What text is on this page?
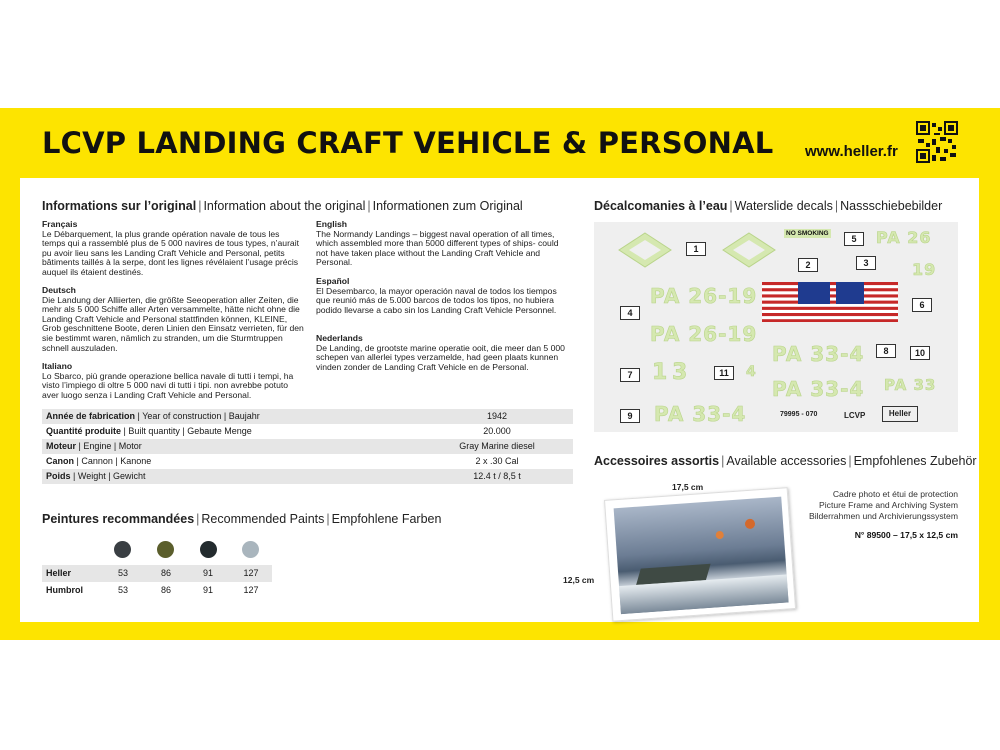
LCVP LANDING CRAFT VEHICLE & PERSONAL www.heller.fr
Informations sur l’original | Information about the original | Informationen zum Original
Français
Le Débarquement, la plus grande opération navale de tous les temps qui a rassemblé plus de 5 000 navires de tous types, n’aurait pu avoir lieu sans les Landing Craft Vehicle and Personal, petits bâtiments taillés à la serpe, dont les lignes révélaient l’usage précis auquel ils étaient destinés.
Deutsch
Die Landung der Alliierten, die größte Seeoperation aller Zeiten, die mehr als 5 000 Schiffe aller Arten versammelte, hätte nicht ohne die Landing Craft Vehicle and Personal stattfinden können, KLEINE, Grob geschnittene Boote, deren Linien den Einsatz verrieten, für den sie bestimmt waren, nämlich zu stranden, um die Sturmtruppen schnell auszuladen.
Italiano
Lo Sbarco, più grande operazione bellica navale di tutti i tempi, ha visto l’impiego di oltre 5 000 navi di tutti i tipi. non avrebbe potuto aver luogo senza i Landing Craft Vehicle and Personal.
English
The Normandy Landings – biggest naval operation of all times, which assembled more than 5000 different types of ships- could not have taken place without the Landing Craft Vehicle and Personal.
Español
El Desembarco, la mayor operación naval de todos los tiempos que reunió más de 5.000 barcos de todos los tipos, no hubiera podido llevarse a cabo sin los Landing Craft Vehicle Personnel.
Nederlands
De Landing, de grootste marine operatie ooit, die meer dan 5 000 schepen van allerlei types verzamelde, had geen plaats kunnen vinden zonder de Landing Craft Vehicle en de Personal.
Année de fabrication | Year of construction | Baujahr	1942
Quantité produite | Built quantity | Gebaute Menge	20.000
Moteur | Engine | Motor	Gray Marine diesel
Canon | Cannon | Kanone	2 x .30 Cal
Poids | Weight | Gewicht	12.4 t / 8,5 t
Peintures recommandées | Recommended Paints | Empfohlene Farben
Heller	53	86	91	127
Humbrol	53	86	91	127
Décalcomanies à l’eau | Waterslide decals | Nassschiebebilder
NO SMOKING
PA 26-19
PA 26-19
PA 33-4
PA 33-4
PA 33-4
PA 26
PA 33
19
1 3	4
79995 - 070	LCVP	Heller
1
2	3
4
5
6
7
8
9
10
11
Accessoires assortis | Available accessories | Empfohlenes Zubehör
Cadre photo et étui de protection
Picture Frame and Archiving System
Bilderrahmen und Archivierungssystem
N° 89500 – 17,5 x 12,5 cm
17,5 cm
12,5 cm
